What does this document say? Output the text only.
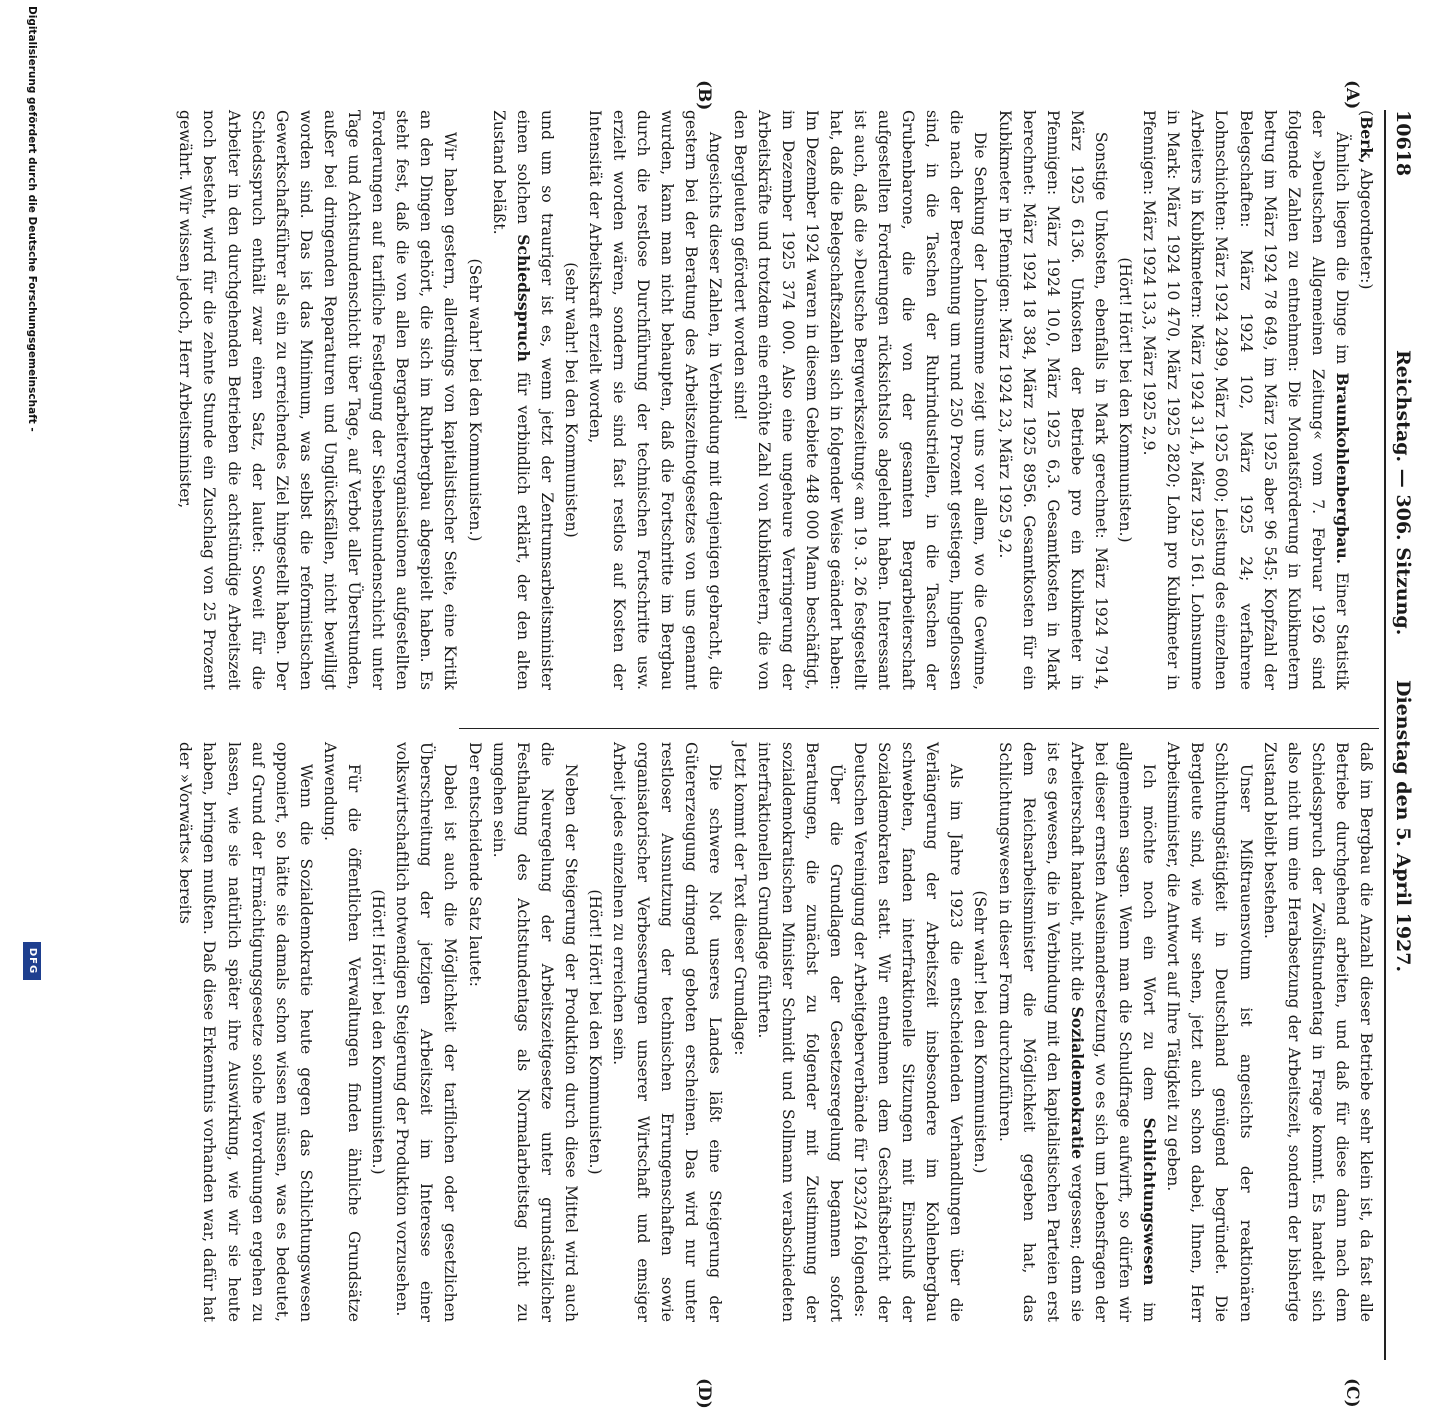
10618
Reichstag. — 306. Sitzung.
Dienstag den 5. April 1927.
(A)
(B)
(C)
(D)

(Berk, Abgeordneter:)

Ähnlich liegen die Dinge im Braunkohlenbergbau. Einer Statistik der »Deutschen Allgemeinen Zeitung« vom 7. Februar 1926 sind folgende Zahlen zu entnehmen: Die Monatsförderung in Kubikmetern betrug im März 1924 78 649, im März 1925 aber 96 545; Kopfzahl der Belegschaften: März 1924 102, März 1925 24; verfahrene Lohnschichten: März 1924 2499, März 1925 600; Leistung des einzelnen Arbeiters in Kubikmetern: März 1924 31,4, März 1925 161. Lohnsumme in Mark: März 1924 10 470, März 1925 2820; Lohn pro Kubikmeter in Pfennigen: März 1924 13,3, März 1925 2,9.

(Hört! Hört! bei den Kommunisten.)

Sonstige Unkosten, ebenfalls in Mark gerechnet: März 1924 7914, März 1925 6136. Unkosten der Betriebe pro ein Kubikmeter in Pfennigen: März 1924 10,0, März 1925 6,3. Gesamtkosten in Mark berechnet: März 1924 18 384, März 1925 8956. Gesamtkosten für ein Kubikmeter in Pfennigen: März 1924 23, März 1925 9,2.

Die Senkung der Lohnsumme zeigt uns vor allem, wo die Gewinne, die nach der Berechnung um rund 250 Prozent gestiegen, hingeflossen sind, in die Taschen der Ruhrindustriellen, in die Taschen der Grubenbarone, die die von der gesamten Bergarbeiterschaft aufgestellten Forderungen rücksichtslos abgelehnt haben. Interessant ist auch, daß die »Deutsche Bergwerkszeitung« am 19. 3. 26 festgestellt hat, daß die Belegschaftszahlen sich in folgender Weise geändert haben: Im Dezember 1924 waren in diesem Gebiete 448 000 Mann beschäftigt, im Dezember 1925 374 000. Also eine ungeheure Verringerung der Arbeitskräfte und trotzdem eine erhöhte Zahl von Kubikmetern, die von den Bergleuten gefördert worden sind!

Angesichts dieser Zahlen, in Verbindung mit denjenigen gebracht, die gestern bei der Beratung des Arbeitszeitnotgesetzes von uns genannt wurden, kann man nicht behaupten, daß die Fortschritte im Bergbau durch die restlose Durchführung der technischen Fortschritte usw. erzielt worden wären, sondern sie sind fast restlos auf Kosten der Intensität der Arbeitskraft erzielt worden,

(sehr wahr! bei den Kommunisten)

und um so trauriger ist es, wenn jetzt der Zentrumsarbeitsminister einen solchen Schiedsspruch für verbindlich erklärt, der den alten Zustand beläßt.

(Sehr wahr! bei den Kommunisten.)

Wir haben gestern, allerdings von kapitalistischer Seite, eine Kritik an den Dingen gehört, die sich im Ruhrbergbau abgespielt haben. Es steht fest, daß die von allen Bergarbeiterorganisationen aufgestellten Forderungen auf tarifliche Festlegung der Siebenstundenschicht unter Tage und Achtstundenschicht über Tage, auf Verbot aller Überstunden, außer bei dringenden Reparaturen und Unglücksfällen, nicht bewilligt worden sind. Das ist das Minimum, was selbst die reformistischen Gewerkschaftsführer als ein zu erreichendes Ziel hingestellt haben. Der Schiedsspruch enthält zwar einen Satz, der lautet: Soweit für die Arbeiter in den durchgehenden Betrieben die achtstündige Arbeitszeit noch besteht, wird für die zehnte Stunde ein Zuschlag von 25 Prozent gewährt. Wir wissen jedoch, Herr Arbeitsminister,

daß im Bergbau die Anzahl dieser Betriebe sehr klein ist, da fast alle Betriebe durchgehend arbeiten, und daß für diese dann nach dem Schiedsspruch der Zwölfstundentag in Frage kommt. Es handelt sich also nicht um eine Herabsetzung der Arbeitszeit, sondern der bisherige Zustand bleibt bestehen.

Unser Mißtrauensvotum ist angesichts der reaktionären Schlichtungstätigkeit in Deutschland genügend begründet. Die Bergleute sind, wie wir sehen, jetzt auch schon dabei, Ihnen, Herr Arbeitsminister, die Antwort auf Ihre Tätigkeit zu geben.

Ich möchte noch ein Wort zu dem Schlichtungswesen im allgemeinen sagen. Wenn man die Schuldfrage aufwirft, so dürfen wir bei dieser ernsten Auseinandersetzung, wo es sich um Lebensfragen der Arbeiterschaft handelt, nicht die Sozialdemokratie vergessen; denn sie ist es gewesen, die in Verbindung mit den kapitalistischen Parteien erst dem Reichsarbeitsminister die Möglichkeit gegeben hat, das Schlichtungswesen in dieser Form durchzuführen.

(Sehr wahr! bei den Kommunisten.)

Als im Jahre 1923 die entscheidenden Verhandlungen über die Verlängerung der Arbeitszeit insbesondere im Kohlenbergbau schwebten, fanden interfraktionelle Sitzungen mit Einschluß der Sozialdemokraten statt. Wir entnehmen dem Geschäftsbericht der Deutschen Vereinigung der Arbeitgeberverbände für 1923/24 folgendes:

Über die Grundlagen der Gesetzesregelung begannen sofort Beratungen, die zunächst zu folgender mit Zustimmung der sozialdemokratischen Minister Schmidt und Sollmann verabschiedeten interfraktionellen Grundlage führten.

Jetzt kommt der Text dieser Grundlage:

Die schwere Not unseres Landes läßt eine Steigerung der Gütererzeugung dringend geboten erscheinen. Das wird nur unter restloser Ausnutzung der technischen Errungenschaften sowie organisatorischer Verbesserungen unserer Wirtschaft und emsiger Arbeit jedes einzelnen zu erreichen sein.

(Hört! Hört! bei den Kommunisten.)

Neben der Steigerung der Produktion durch diese Mittel wird auch die Neuregelung der Arbeitszeitgesetze unter grundsätzlicher Festhaltung des Achtstundentags als Normalarbeitstag nicht zu umgehen sein.

Der entscheidende Satz lautet:

Dabei ist auch die Möglichkeit der tariflichen oder gesetzlichen Überschreitung der jetzigen Arbeitszeit im Interesse einer volkswirtschaftlich notwendigen Steigerung der Produktion vorzusehen.

(Hört! Hört! bei den Kommunisten.)

Für die öffentlichen Verwaltungen finden ähnliche Grundsätze Anwendung.

Wenn die Sozialdemokratie heute gegen das Schlichtungswesen opponiert, so hätte sie damals schon wissen müssen, was es bedeutet, auf Grund der Ermächtigungsgesetze solche Verordnungen ergehen zu lassen, wie sie natürlich später ihre Auswirkung, wie wir sie heute haben, bringen mußten. Daß diese Erkenntnis vorhanden war, dafür hat der »Vorwärts« bereits

Digitalisierung gefördert durch die Deutsche Forschungsgemeinschaft -
DFG
